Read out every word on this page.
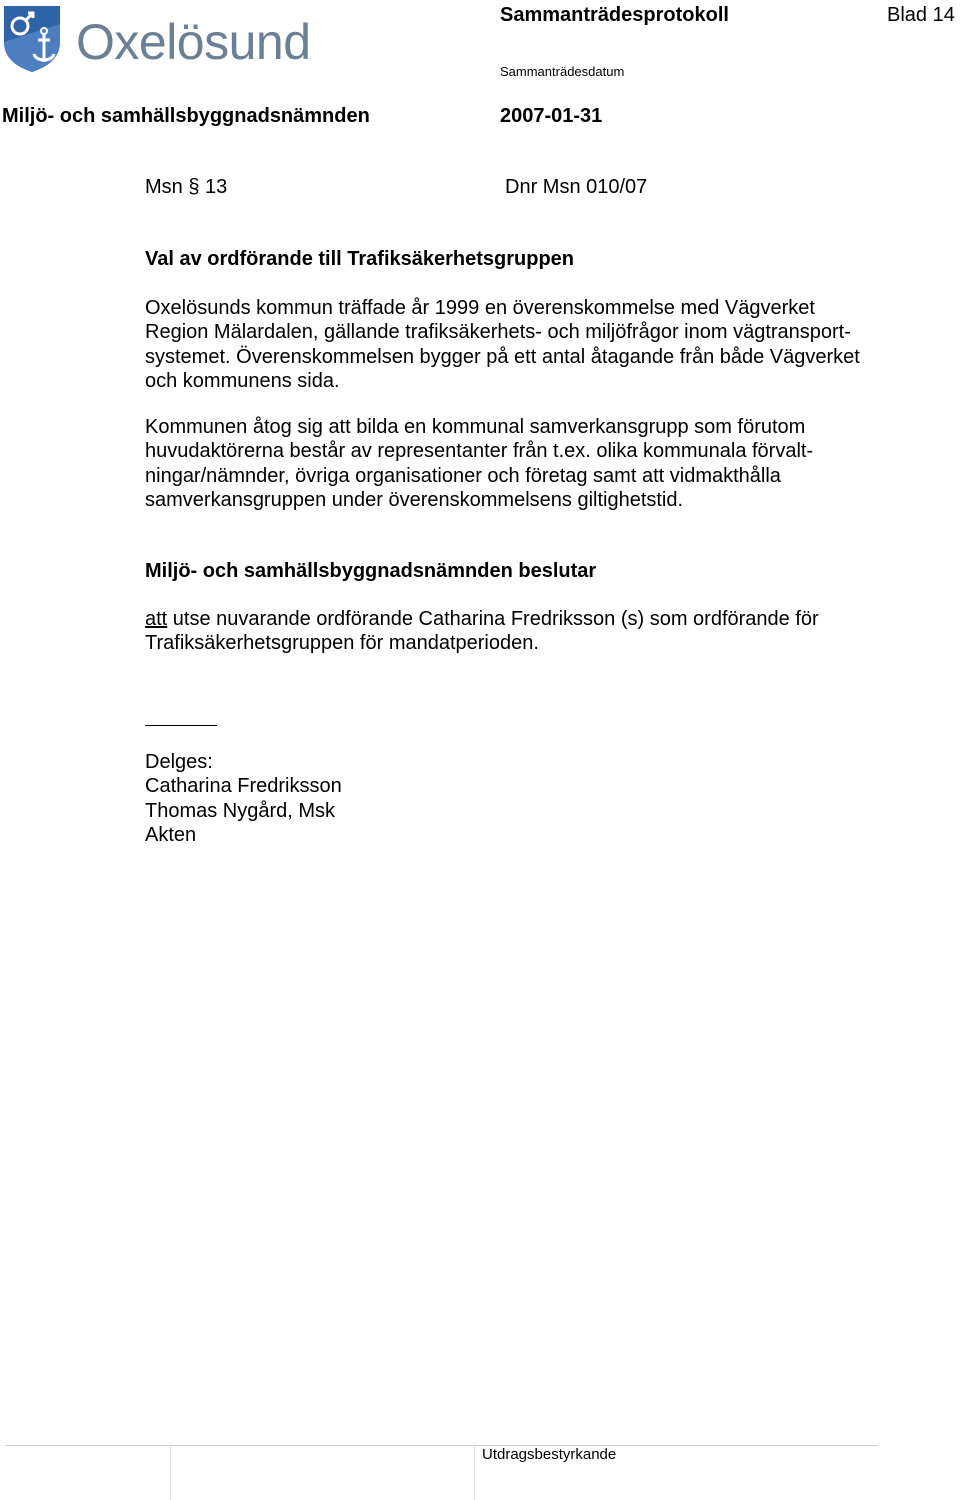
Oxelösund	Sammanträdesprotokoll	Blad 14
Sammanträdesdatum
Miljö- och samhällsbyggnadsnämnden	2007-01-31
Msn § 13	Dnr Msn 010/07
Val av ordförande till Trafiksäkerhetsgruppen
Oxelösunds kommun träffade år 1999 en överenskommelse med Vägverket
Region Mälardalen, gällande trafiksäkerhets- och miljöfrågor inom vägtransport-
systemet. Överenskommelsen bygger på ett antal åtagande från både Vägverket
och kommunens sida.
Kommunen åtog sig att bilda en kommunal samverkansgrupp som förutom
huvudaktörerna består av representanter från t.ex. olika kommunala förvalt-
ningar/nämnder, övriga organisationer och företag samt att vidmakthålla
samverkansgruppen under överenskommelsens giltighetstid.
Miljö- och samhällsbyggnadsnämnden beslutar
att utse nuvarande ordförande Catharina Fredriksson (s) som ordförande för
Trafiksäkerhetsgruppen för mandatperioden.
Delges:
Catharina Fredriksson
Thomas Nygård, Msk
Akten
Utdragsbestyrkande
